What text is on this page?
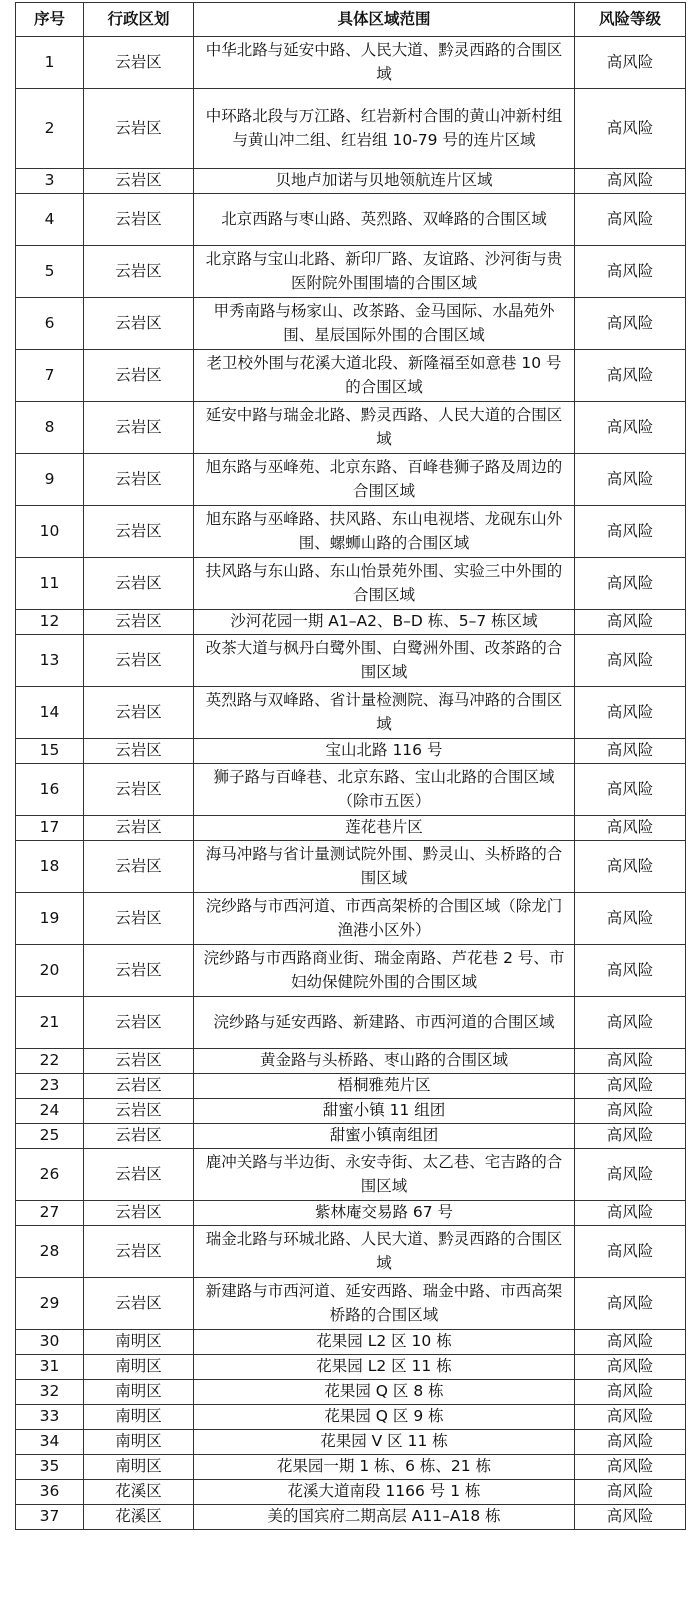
序号	行政区划	具体区域范围	风险等级
1	云岩区	中华北路与延安中路、人民大道、黔灵西路的合围区域	高风险
2	云岩区	中环路北段与万江路、红岩新村合围的黄山冲新村组与黄山冲二组、红岩组 10-79 号的连片区域	高风险
3	云岩区	贝地卢加诺与贝地领航连片区域	高风险
4	云岩区	北京西路与枣山路、英烈路、双峰路的合围区域	高风险
5	云岩区	北京路与宝山北路、新印厂路、友谊路、沙河街与贵医附院外围围墙的合围区域	高风险
6	云岩区	甲秀南路与杨家山、改茶路、金马国际、水晶苑外围、星辰国际外围的合围区域	高风险
7	云岩区	老卫校外围与花溪大道北段、新隆福至如意巷 10 号的合围区域	高风险
8	云岩区	延安中路与瑞金北路、黔灵西路、人民大道的合围区域	高风险
9	云岩区	旭东路与巫峰苑、北京东路、百峰巷狮子路及周边的合围区域	高风险
10	云岩区	旭东路与巫峰路、扶风路、东山电视塔、龙砚东山外围、螺蛳山路的合围区域	高风险
11	云岩区	扶风路与东山路、东山怡景苑外围、实验三中外围的合围区域	高风险
12	云岩区	沙河花园一期 A1–A2、B–D 栋、5–7 栋区域	高风险
13	云岩区	改茶大道与枫丹白鹭外围、白鹭洲外围、改茶路的合围区域	高风险
14	云岩区	英烈路与双峰路、省计量检测院、海马冲路的合围区域	高风险
15	云岩区	宝山北路 116 号	高风险
16	云岩区	狮子路与百峰巷、北京东路、宝山北路的合围区域（除市五医）	高风险
17	云岩区	莲花巷片区	高风险
18	云岩区	海马冲路与省计量测试院外围、黔灵山、头桥路的合围区域	高风险
19	云岩区	浣纱路与市西河道、市西高架桥的合围区域（除龙门渔港小区外）	高风险
20	云岩区	浣纱路与市西路商业街、瑞金南路、芦花巷 2 号、市妇幼保健院外围的合围区域	高风险
21	云岩区	浣纱路与延安西路、新建路、市西河道的合围区域	高风险
22	云岩区	黄金路与头桥路、枣山路的合围区域	高风险
23	云岩区	梧桐雅苑片区	高风险
24	云岩区	甜蜜小镇 11 组团	高风险
25	云岩区	甜蜜小镇南组团	高风险
26	云岩区	鹿冲关路与半边街、永安寺街、太乙巷、宅吉路的合围区域	高风险
27	云岩区	紫林庵交易路 67 号	高风险
28	云岩区	瑞金北路与环城北路、人民大道、黔灵西路的合围区域	高风险
29	云岩区	新建路与市西河道、延安西路、瑞金中路、市西高架桥路的合围区域	高风险
30	南明区	花果园 L2 区 10 栋	高风险
31	南明区	花果园 L2 区 11 栋	高风险
32	南明区	花果园 Q 区 8 栋	高风险
33	南明区	花果园 Q 区 9 栋	高风险
34	南明区	花果园 V 区 11 栋	高风险
35	南明区	花果园一期 1 栋、6 栋、21 栋	高风险
36	花溪区	花溪大道南段 1166 号 1 栋	高风险
37	花溪区	美的国宾府二期高层 A11–A18 栋	高风险
